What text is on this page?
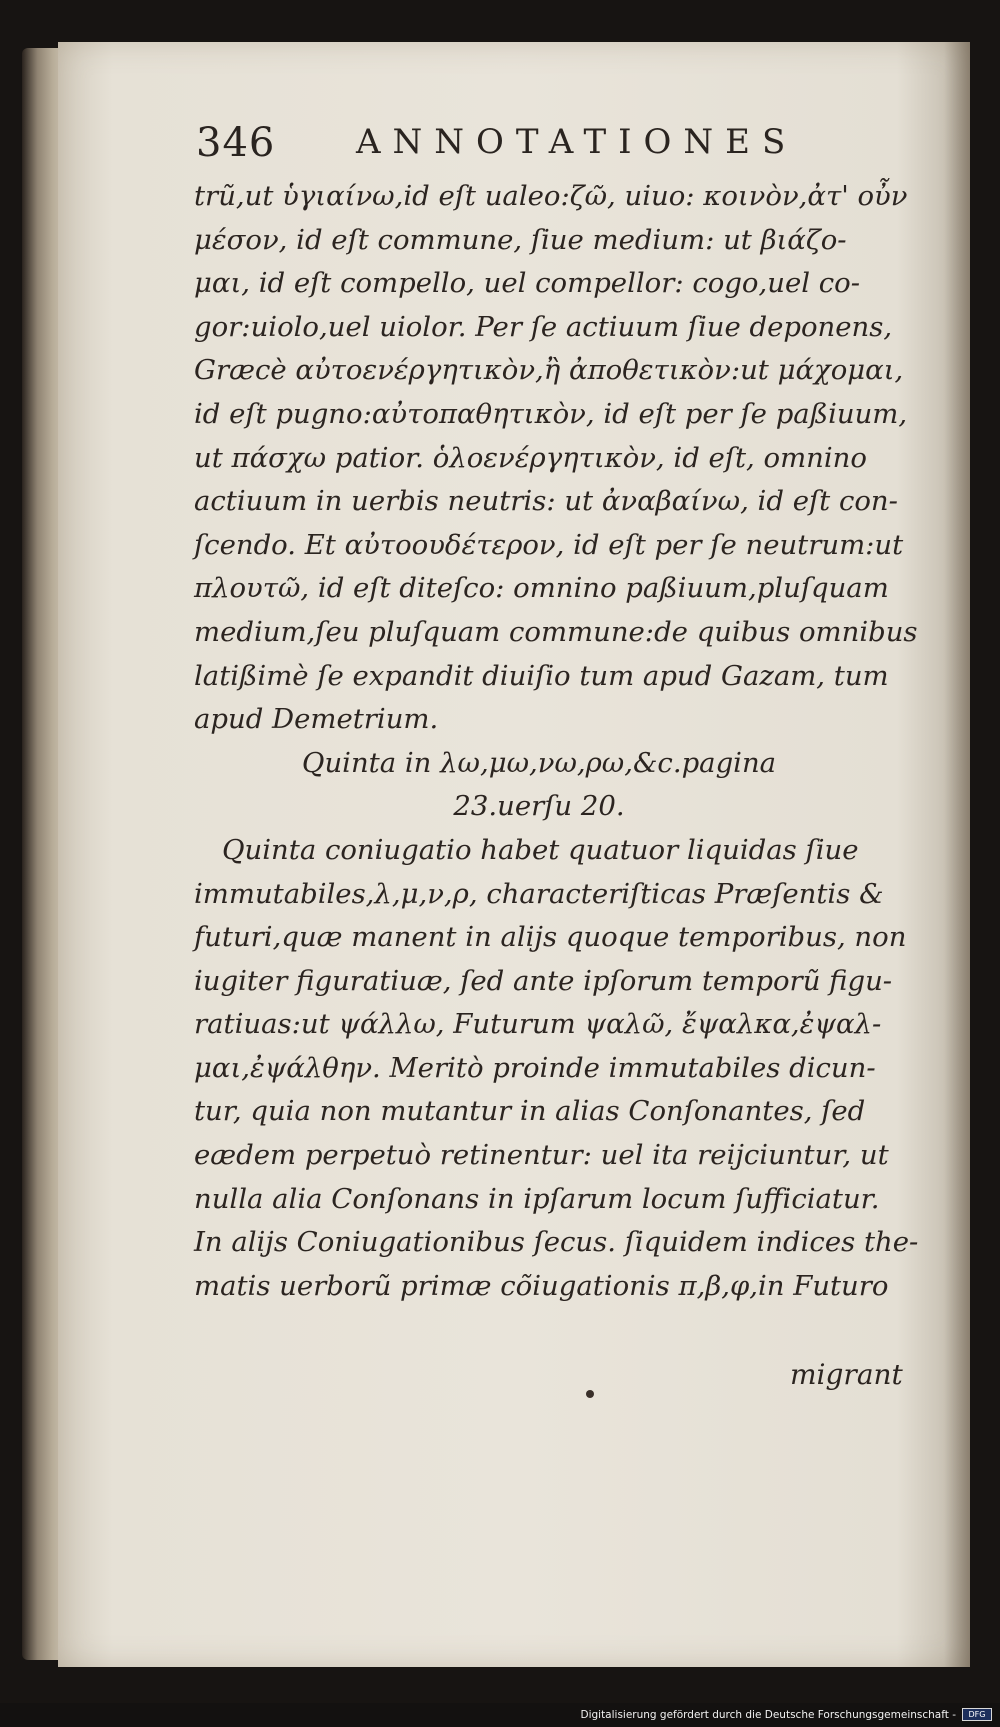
346 ANNOTATIONES
trũ,ut ὑγιαίνω,id eſt ualeo:ζῶ, uiuo: κοινὸν,ἀτ' οὖν
μέσον, id eſt commune, ſiue medium: ut βιάζο-
μαι, id eſt compello, uel compellor: cogo,uel co-
gor:uiolo,uel uiolor. Per ſe actiuum ſiue deponens,
Græcè αὐτοενέργητικὸν,ἢ ἀποθετικὸν:ut μάχομαι,
id eſt pugno:αὐτοπαθητικὸν, id eſt per ſe paßiuum,
ut πάσχω patior. ὁλοενέργητικὸν, id eſt, omnino
actiuum in uerbis neutris: ut ἀναβαίνω, id eſt con-
ſcendo. Et αὐτοουδέτερον, id eſt per ſe neutrum:ut
πλουτῶ, id eſt diteſco: omnino paßiuum,pluſquam
medium,ſeu pluſquam commune:de quibus omnibus
latißimè ſe expandit diuiſio tum apud Gazam, tum
apud Demetrium.
Quinta in λω,μω,νω,ρω,&c.pagina
23.uerſu 20.
Quinta coniugatio habet quatuor liquidas ſiue
immutabiles,λ,μ,ν,ρ, characteriſticas Præſentis &
futuri,quæ manent in alijs quoque temporibus, non
iugiter figuratiuæ, ſed ante ipſorum temporũ figu-
ratiuas:ut ψάλλω, Futurum ψαλῶ, ἔψαλκα,ἐψαλ-
μαι,ἐψάλθην. Meritò proinde immutabiles dicun-
tur, quia non mutantur in alias Conſonantes, ſed
eædem perpetuò retinentur: uel ita reijciuntur, ut
nulla alia Conſonans in ipſarum locum ſufficiatur.
In alijs Coniugationibus ſecus. ſiquidem indices the-
matis uerborũ primæ cõiugationis π,β,φ,in Futuro
migrant
Digitalisierung gefördert durch die Deutsche Forschungsgemeinschaft -	DFG
